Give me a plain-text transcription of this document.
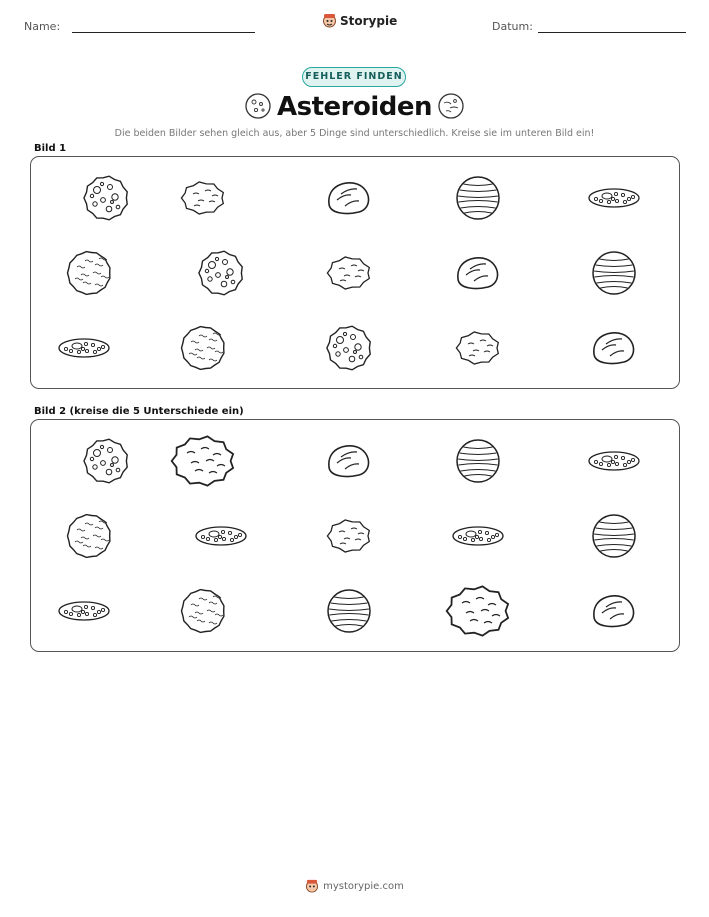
Name:	Storypie	Datum:
FEHLER FINDEN
Asteroiden
Die beiden Bilder sehen gleich aus, aber 5 Dinge sind unterschiedlich. Kreise sie im unteren Bild ein!
Bild 1
Bild 2 (kreise die 5 Unterschiede ein)
mystorypie.com
